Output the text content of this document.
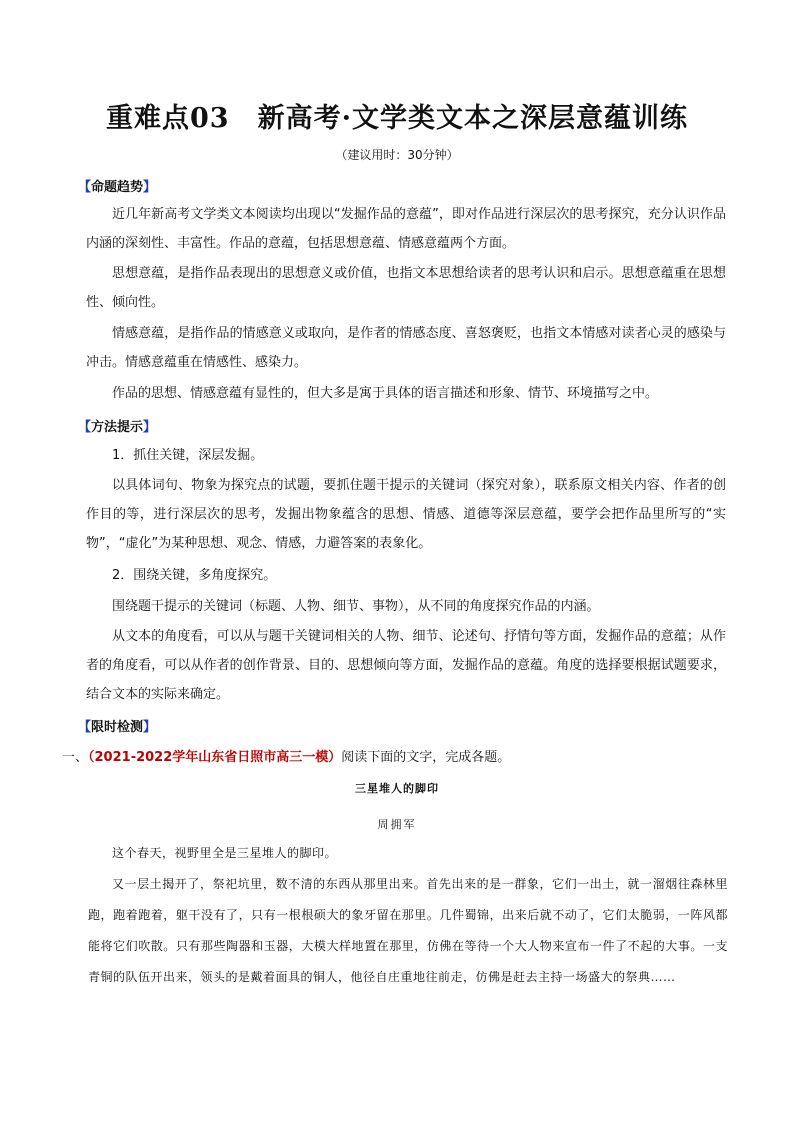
重难点03　新高考·文学类文本之深层意蕴训练
（建议用时：30分钟）
【命题趋势】

近几年新高考文学类文本阅读均出现以“发掘作品的意蕴”，即对作品进行深层次的思考探究，充分认识作品内涵的深刻性、丰富性。作品的意蕴，包括思想意蕴、情感意蕴两个方面。

思想意蕴，是指作品表现出的思想意义或价值，也指文本思想给读者的思考认识和启示。思想意蕴重在思想性、倾向性。

情感意蕴，是指作品的情感意义或取向，是作者的情感态度、喜怒褒贬，也指文本情感对读者心灵的感染与冲击。情感意蕴重在情感性、感染力。

作品的思想、情感意蕴有显性的，但大多是寓于具体的语言描述和形象、情节、环境描写之中。

【方法提示】

1．抓住关键，深层发掘。

以具体词句、物象为探究点的试题，要抓住题干提示的关键词（探究对象），联系原文相关内容、作者的创作目的等，进行深层次的思考，发掘出物象蕴含的思想、情感、道德等深层意蕴，要学会把作品里所写的“实物”，“虚化”为某种思想、观念、情感，力避答案的表象化。

2．围绕关键，多角度探究。

围绕题干提示的关键词（标题、人物、细节、事物），从不同的角度探究作品的内涵。

从文本的角度看，可以从与题干关键词相关的人物、细节、论述句、抒情句等方面，发掘作品的意蕴；从作者的角度看，可以从作者的创作背景、目的、思想倾向等方面，发掘作品的意蕴。角度的选择要根据试题要求，结合文本的实际来确定。

【限时检测】
一、（2021-2022学年山东省日照市高三一模）阅读下面的文字，完成各题。
三星堆人的脚印
周拥军

这个春天，视野里全是三星堆人的脚印。

又一层土揭开了，祭祀坑里，数不清的东西从那里出来。首先出来的是一群象，它们一出土，就一溜烟往森林里跑，跑着跑着，躯干没有了，只有一根根硕大的象牙留在那里。几件蜀锦，出来后就不动了，它们太脆弱，一阵风都能将它们吹散。只有那些陶器和玉器，大模大样地置在那里，仿佛在等待一个大人物来宣布一件了不起的大事。一支青铜的队伍开出来，领头的是戴着面具的铜人，他径自庄重地往前走，仿佛是赶去主持一场盛大的祭典……
